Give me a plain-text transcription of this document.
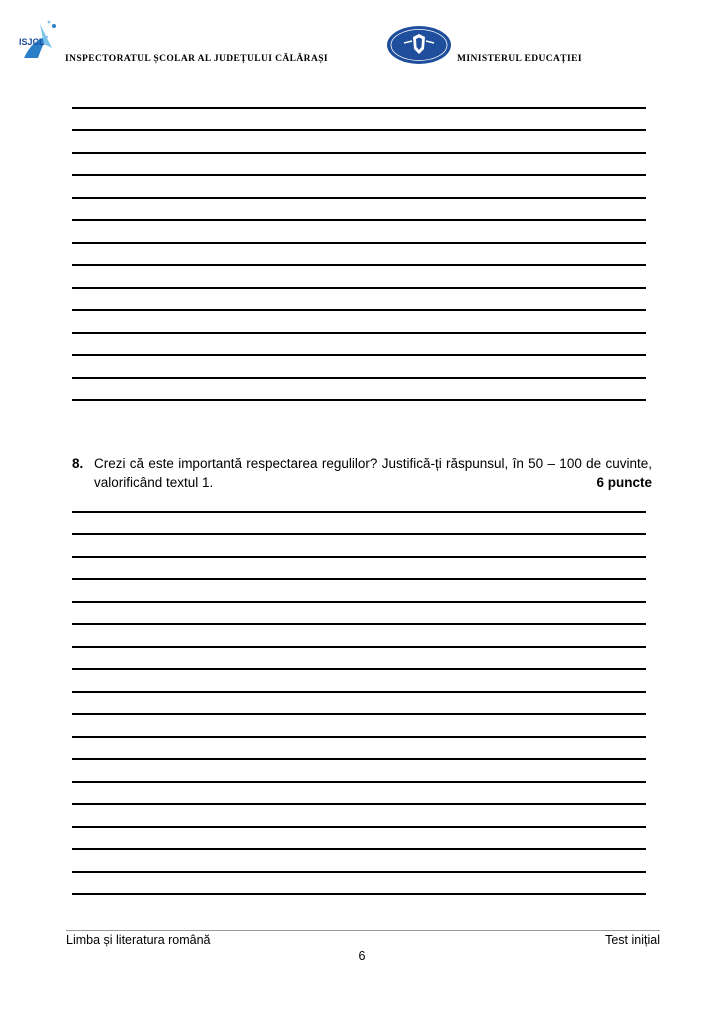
ISJCL
INSPECTORATUL ȘCOLAR AL JUDEȚULUI CĂLĂRAȘI	MINISTERUL EDUCAȚIEI
8. Crezi că este importantă respectarea regulilor? Justifică-ți răspunsul, în 50 – 100 de cuvinte, valorificând textul 1.	6 puncte
Limba și literatura română	Test inițial
6
